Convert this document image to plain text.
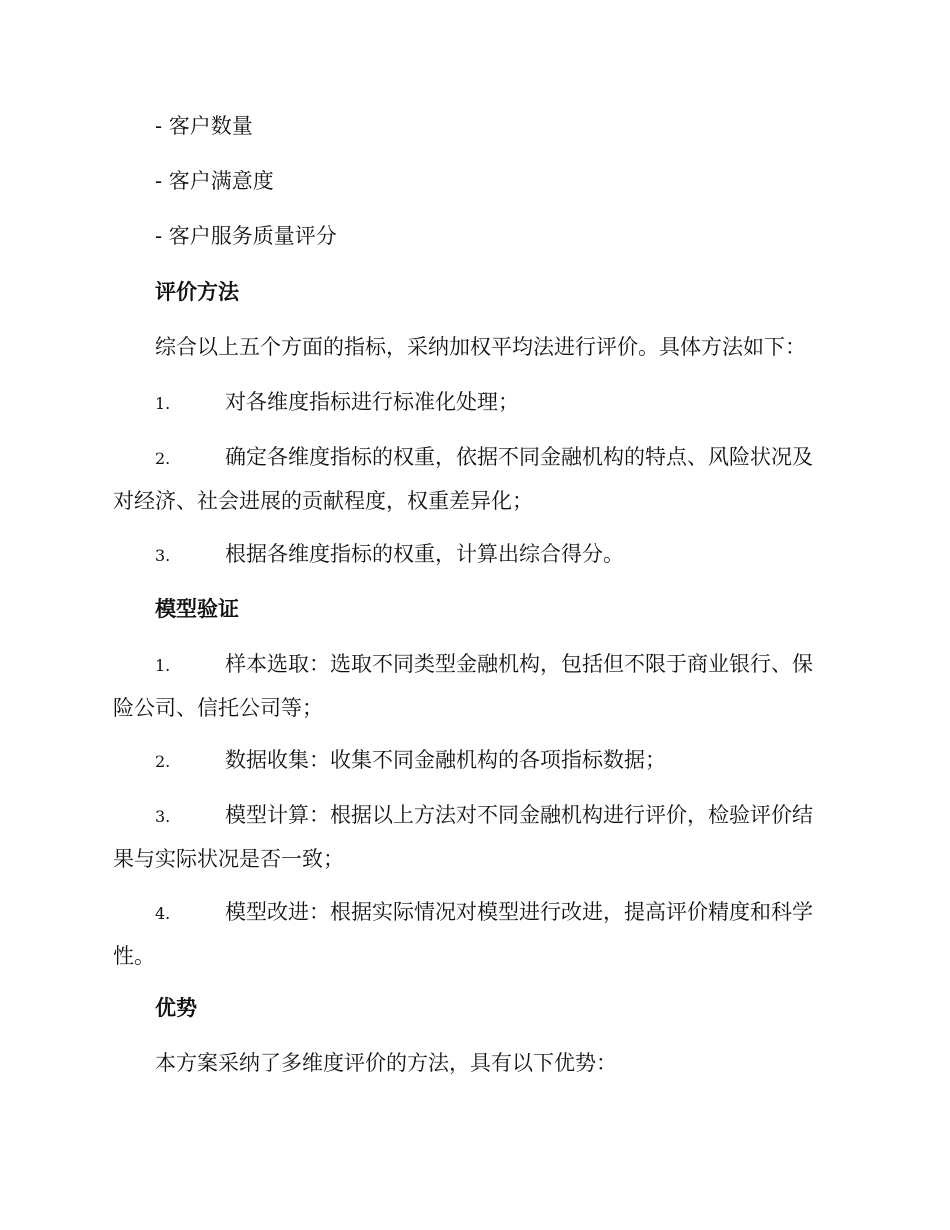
- 客户数量
- 客户满意度
- 客户服务质量评分
评价方法
综合以上五个方面的指标，采纳加权平均法进行评价。具体方法如下：
1.	对各维度指标进行标准化处理；
2.	确定各维度指标的权重，依据不同金融机构的特点、风险状况及对经济、社会进展的贡献程度，权重差异化；
3.	根据各维度指标的权重，计算出综合得分。
模型验证
1.	样本选取：选取不同类型金融机构，包括但不限于商业银行、保险公司、信托公司等；
2.	数据收集：收集不同金融机构的各项指标数据；
3.	模型计算：根据以上方法对不同金融机构进行评价，检验评价结果与实际状况是否一致；
4.	模型改进：根据实际情况对模型进行改进，提高评价精度和科学性。
优势
本方案采纳了多维度评价的方法，具有以下优势：
